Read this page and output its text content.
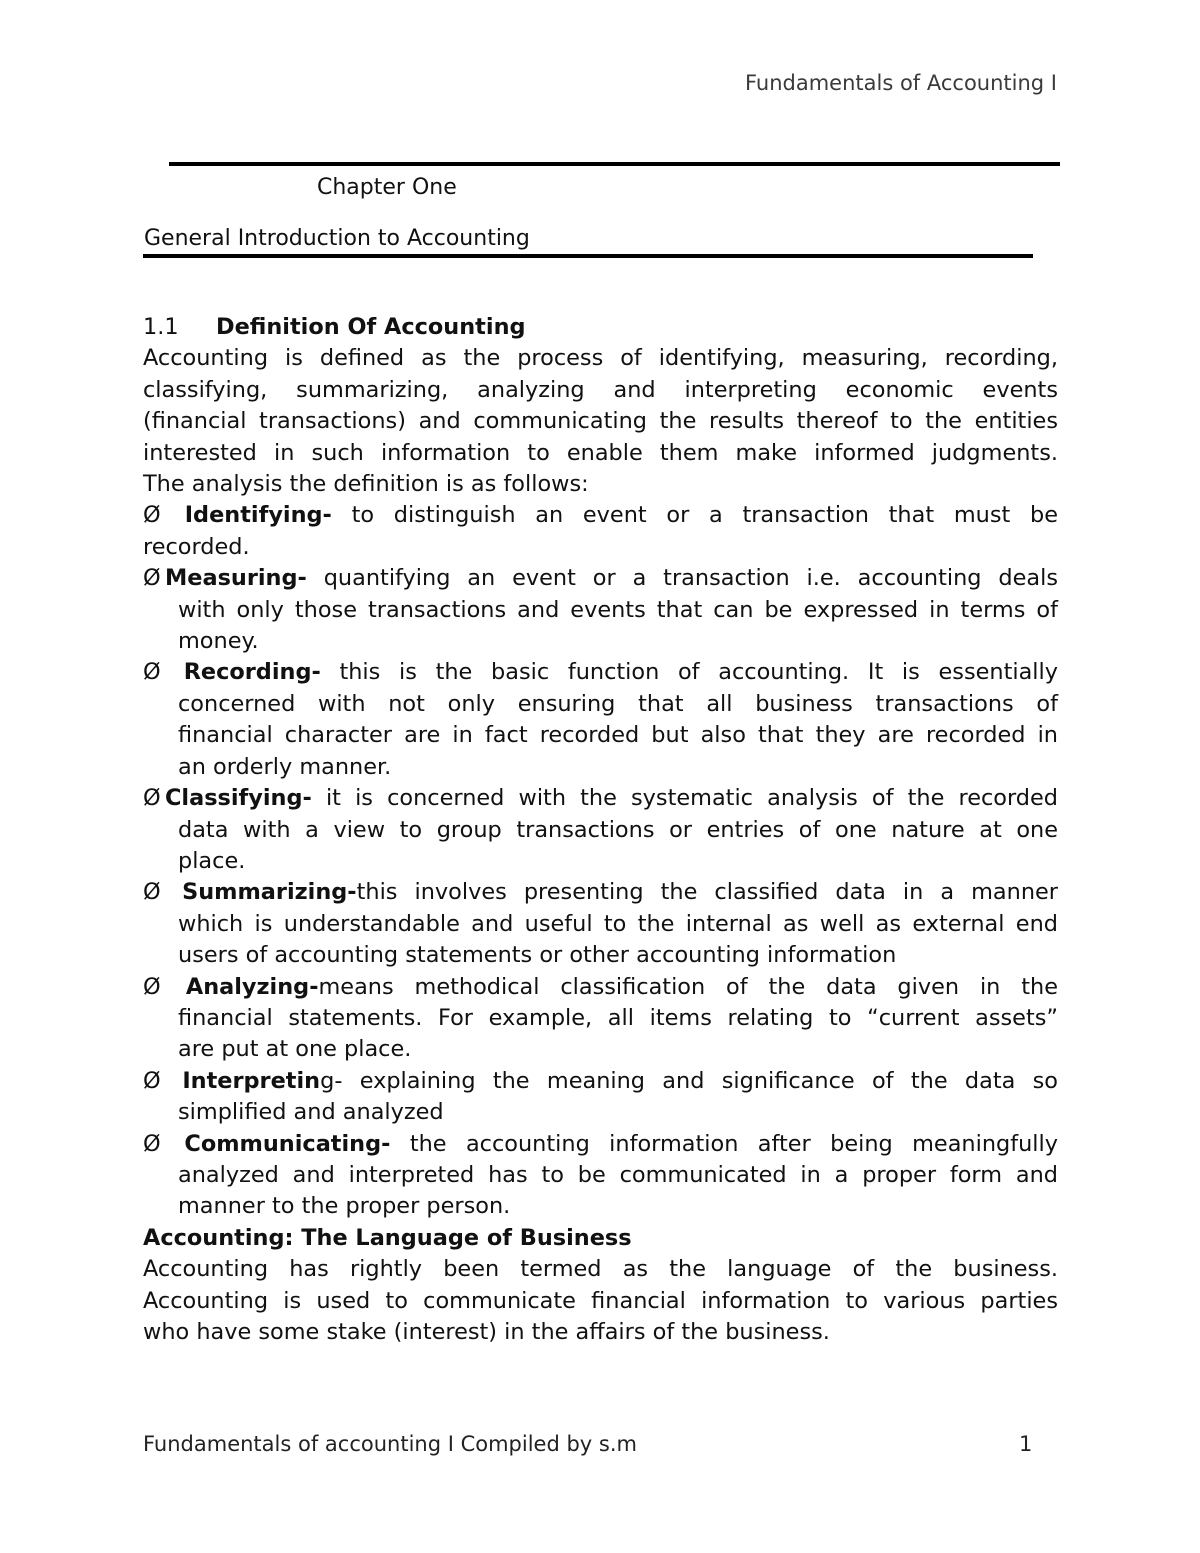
Fundamentals of Accounting I
Chapter One
General Introduction to Accounting

1.1 Definition Of Accounting

Accounting is defined as the process of identifying, measuring, recording,

classifying, summarizing, analyzing and interpreting economic events

(financial transactions) and communicating the results thereof to the entities

interested in such information to enable them make informed judgments.

The analysis the definition is as follows:

Ø Identifying- to distinguish an event or a transaction that must be
recorded.
Ø Measuring- quantifying an event or a transaction i.e. accounting deals
with only those transactions and events that can be expressed in terms of
money.
Ø Recording- this is the basic function of accounting. It is essentially
concerned with not only ensuring that all business transactions of
financial character are in fact recorded but also that they are recorded in
an orderly manner.
Ø Classifying- it is concerned with the systematic analysis of the recorded
data with a view to group transactions or entries of one nature at one
place.
Ø Summarizing-this involves presenting the classified data in a manner
which is understandable and useful to the internal as well as external end
users of accounting statements or other accounting information
Ø Analyzing-means methodical classification of the data given in the
financial statements. For example, all items relating to “current assets”
are put at one place.
Ø Interpreting- explaining the meaning and significance of the data so
simplified and analyzed
Ø Communicating- the accounting information after being meaningfully
analyzed and interpreted has to be communicated in a proper form and
manner to the proper person.

Accounting: The Language of Business

Accounting has rightly been termed as the language of the business.

Accounting is used to communicate financial information to various parties

who have some stake (interest) in the affairs of the business.

Fundamentals of accounting I Compiled by s.m	1
